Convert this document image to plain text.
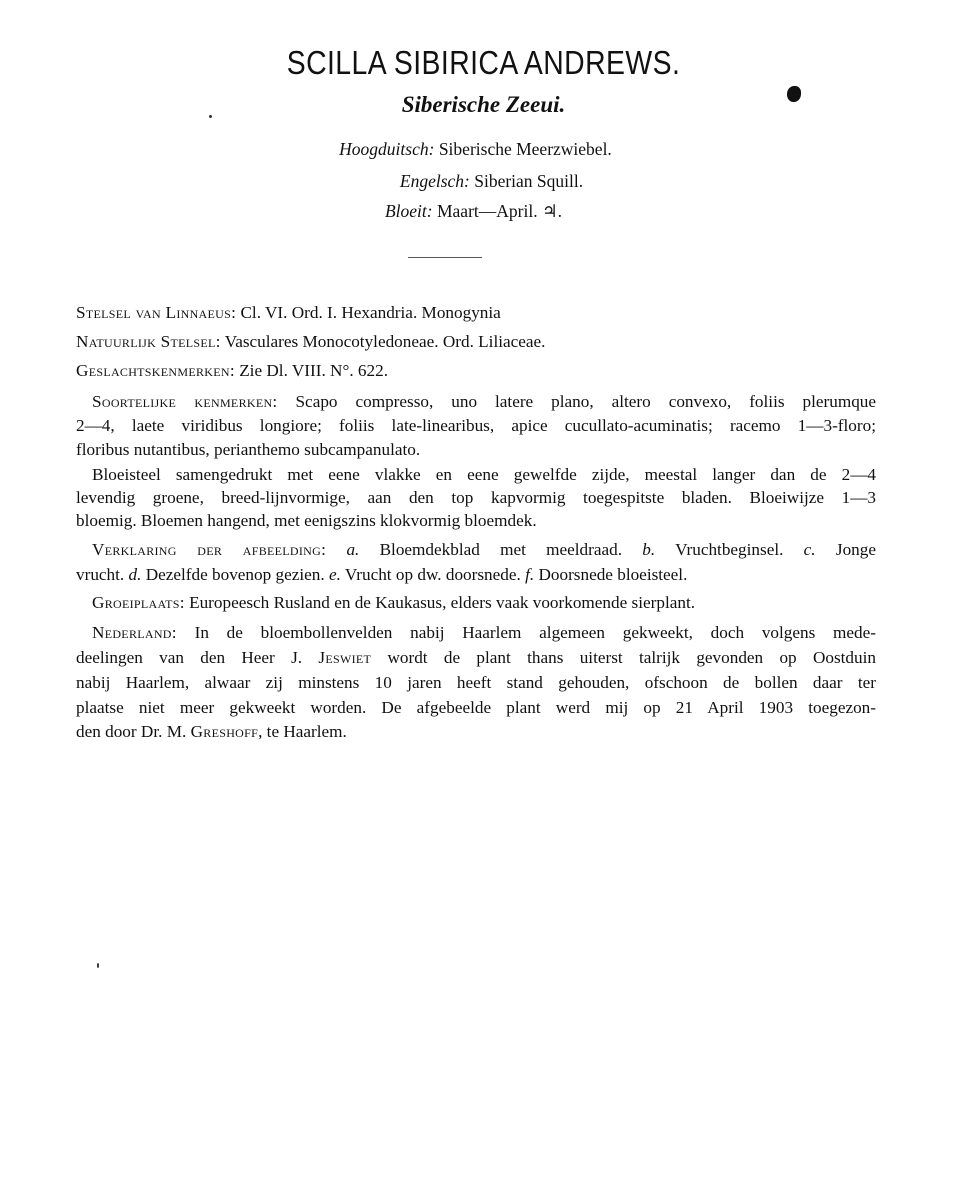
SCILLA SIBIRICA ANDREWS.
Siberische Zeeui.
Hoogduitsch: Siberische Meerzwiebel.
Engelsch: Siberian Squill.
Bloeit: Maart—April. ♃.
Stelsel van Linnaeus: Cl. VI. Ord. I. Hexandria. Monogynia
Natuurlijk Stelsel: Vasculares Monocotyledoneae. Ord. Liliaceae.
Geslachtskenmerken: Zie Dl. VIII. N°. 622.
Soortelijke kenmerken: Scapo compresso, uno latere plano, altero convexo, foliis plerumque
2—4, laete viridibus longiore; foliis late-linearibus, apice cucullato-acuminatis; racemo 1—3-floro;
floribus nutantibus, perianthemo subcampanulato.
Bloeisteel samengedrukt met eene vlakke en eene gewelfde zijde, meestal langer dan de 2—4
levendig groene, breed-lijnvormige, aan den top kapvormig toegespitste bladen. Bloeiwijze 1—3
bloemig. Bloemen hangend, met eenigszins klokvormig bloemdek.
Verklaring der afbeelding: a. Bloemdekblad met meeldraad. b. Vruchtbeginsel. c. Jonge
vrucht. d. Dezelfde bovenop gezien. e. Vrucht op dw. doorsnede. f. Doorsnede bloeisteel.
Groeiplaats: Europeesch Rusland en de Kaukasus, elders vaak voorkomende sierplant.
Nederland: In de bloembollenvelden nabij Haarlem algemeen gekweekt, doch volgens mede-
deelingen van den Heer J. Jeswiet wordt de plant thans uiterst talrijk gevonden op Oostduin
nabij Haarlem, alwaar zij minstens 10 jaren heeft stand gehouden, ofschoon de bollen daar ter
plaatse niet meer gekweekt worden. De afgebeelde plant werd mij op 21 April 1903 toegezon-
den door Dr. M. Greshoff, te Haarlem.
